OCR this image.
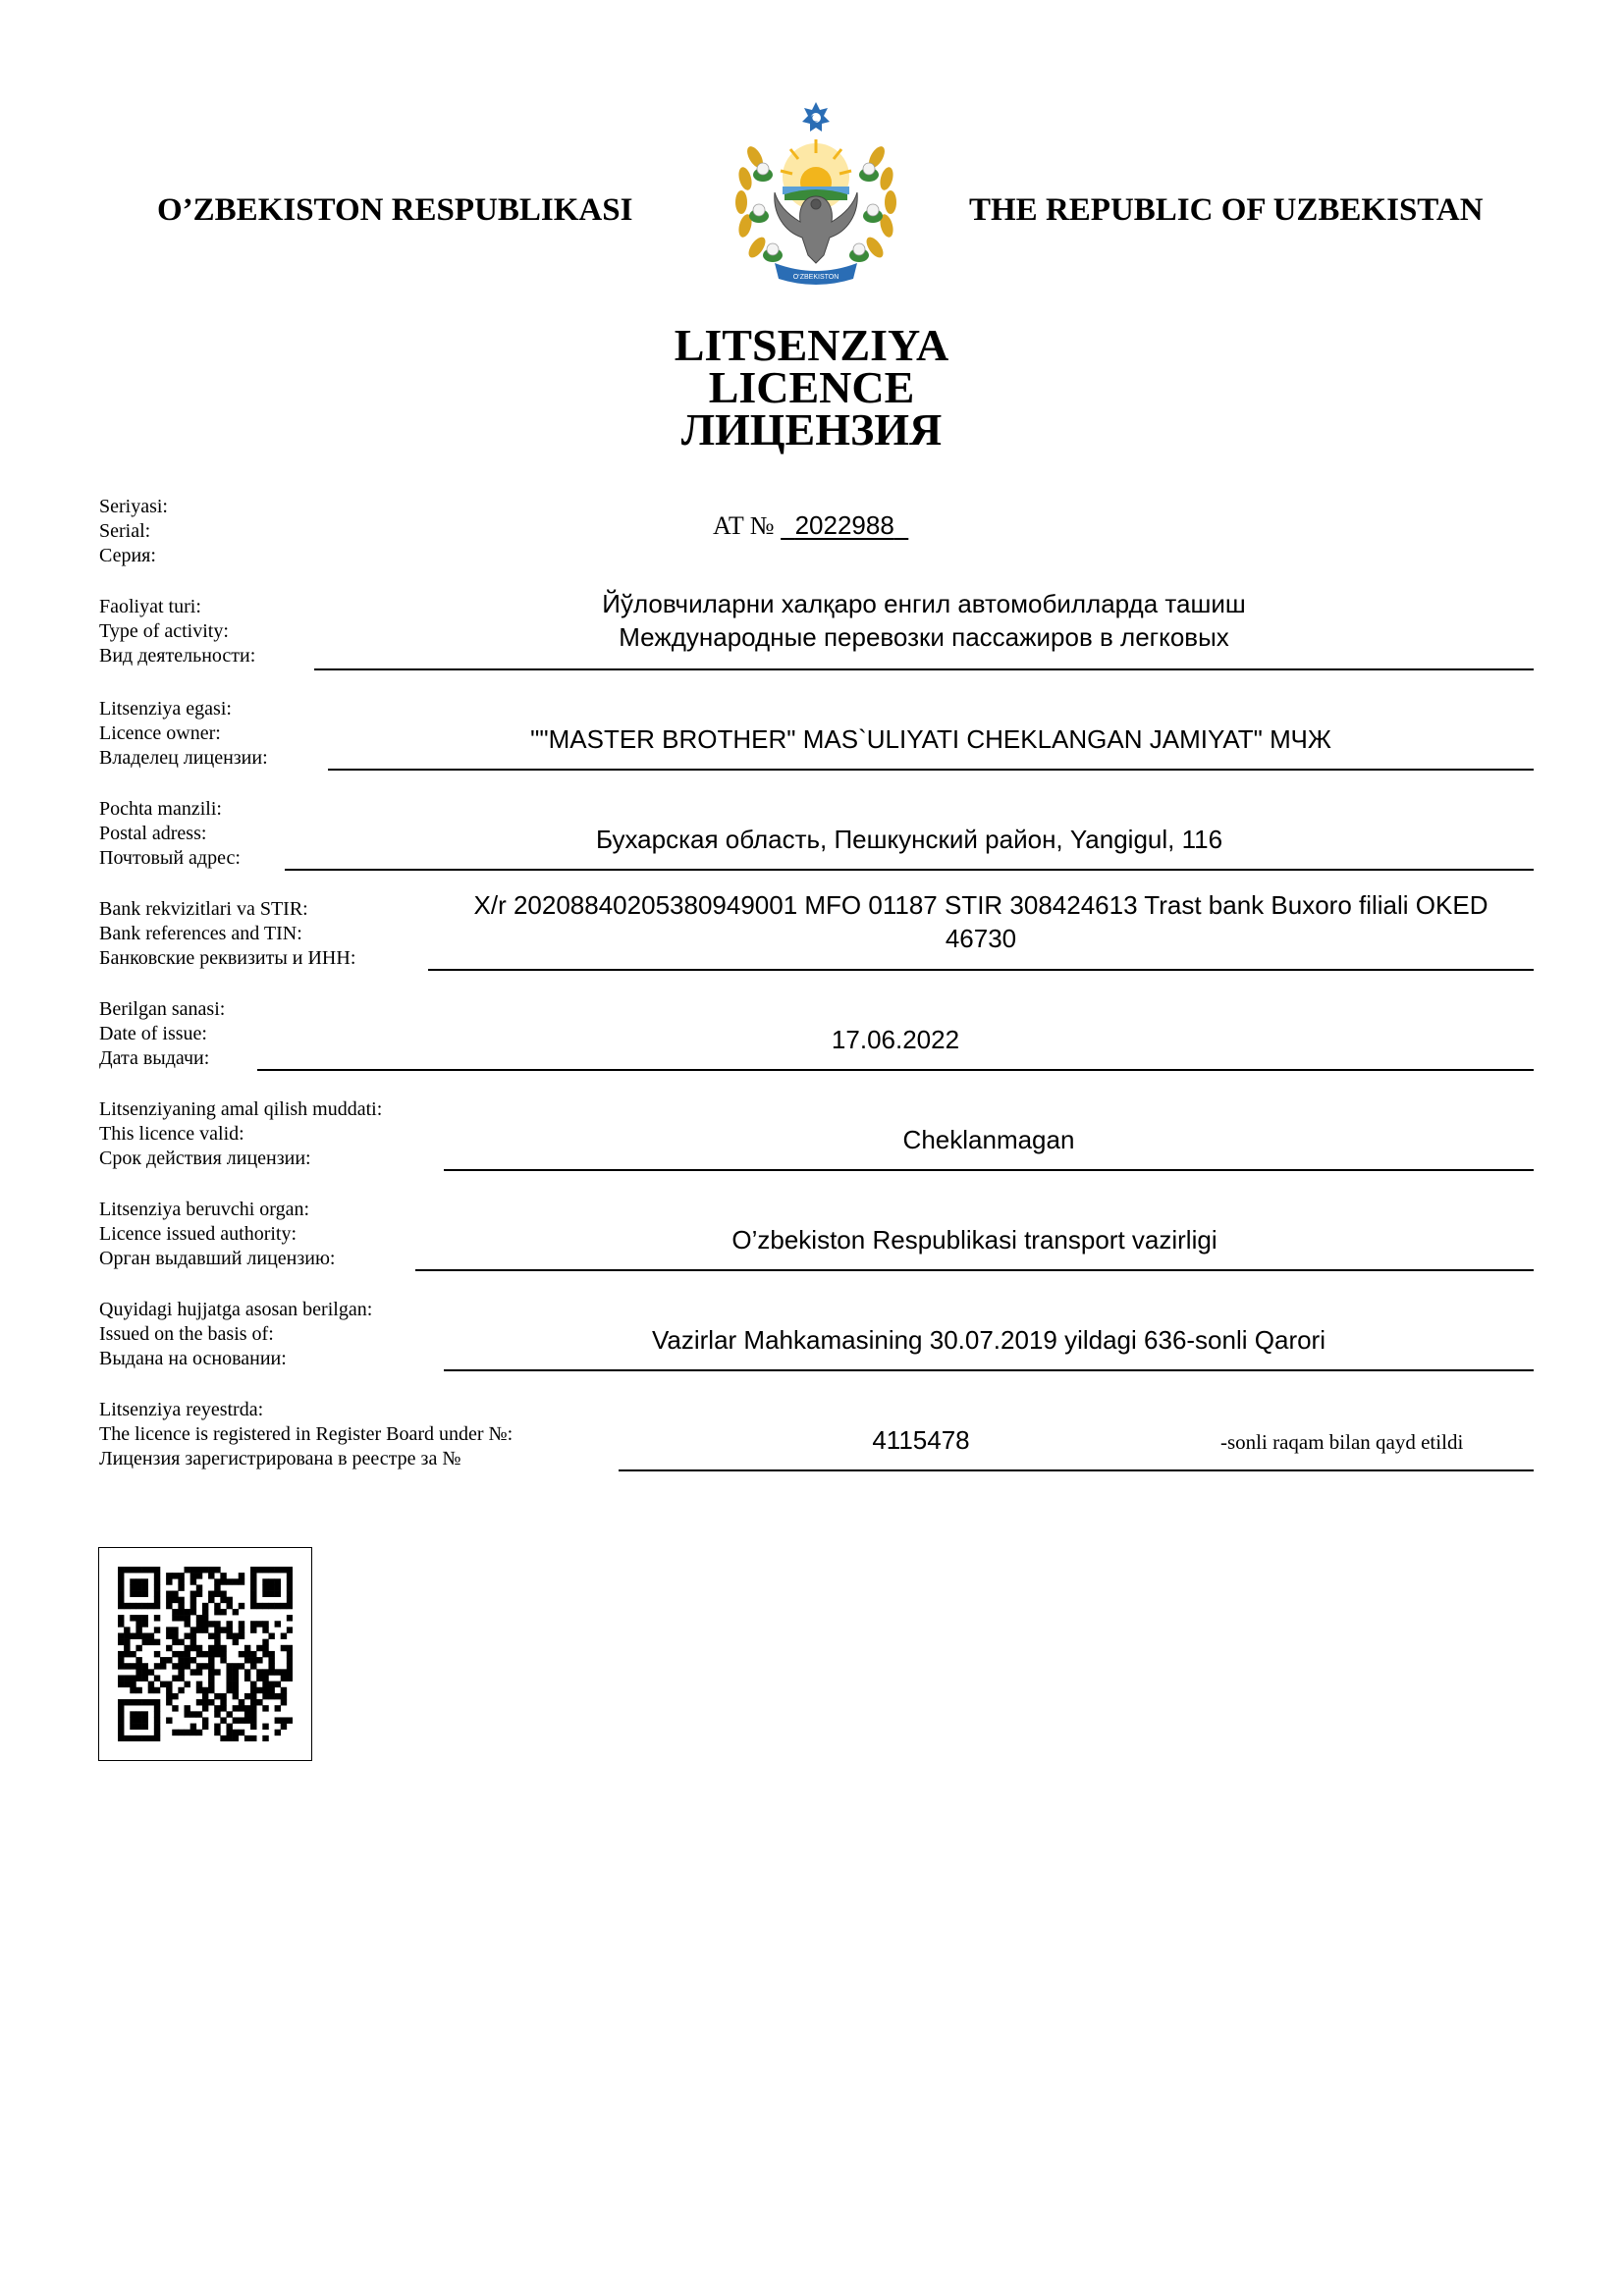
O’ZBEKISTON RESPUBLIKASI	THE REPUBLIC OF UZBEKISTAN
O‘ZBEKISTON
LITSENZIYA
LICENCE
ЛИЦЕНЗИЯ
Seriyasi:
Serial:
Серия:
AT № 2022988
Faoliyat turi:
Type of activity:
Вид деятельности:
Йўловчиларни халқаро енгил автомобилларда ташиш
Международные перевозки пассажиров в легковых
Litsenziya egasi:
Licence owner:
Владелец лицензии:
""MASTER BROTHER" MAS`ULIYATI CHEKLANGAN JAMIYAT" МЧЖ
Pochta manzili:
Postal adress:
Почтовый адрес:
Бухарская область, Пешкунский район, Yangigul, 116
Bank rekvizitlari va STIR:
Bank references and TIN:
Банковские реквизиты и ИНН:
Х/r 20208840205380949001 MFO 01187 STIR 308424613 Trast bank Buxoro filiali OKED
46730
Berilgan sanasi:
Date of issue:
Дата выдачи:
17.06.2022
Litsenziyaning amal qilish muddati:
This licence valid:
Срок действия лицензии:
Cheklanmagan
Litsenziya beruvchi organ:
Licence issued authority:
Орган выдавший лицензию:
O’zbekiston Respublikasi transport vazirligi
Quyidagi hujjatga asosan berilgan:
Issued on the basis of:
Выдана на основании:
Vazirlar Mahkamasining 30.07.2019 yildagi 636-sonli Qarori
Litsenziya reyestrda:
The licence is registered in Register Board under №:
Лицензия зарегистрирована в реестре за №
4115478	-sonli raqam bilan qayd etildi
